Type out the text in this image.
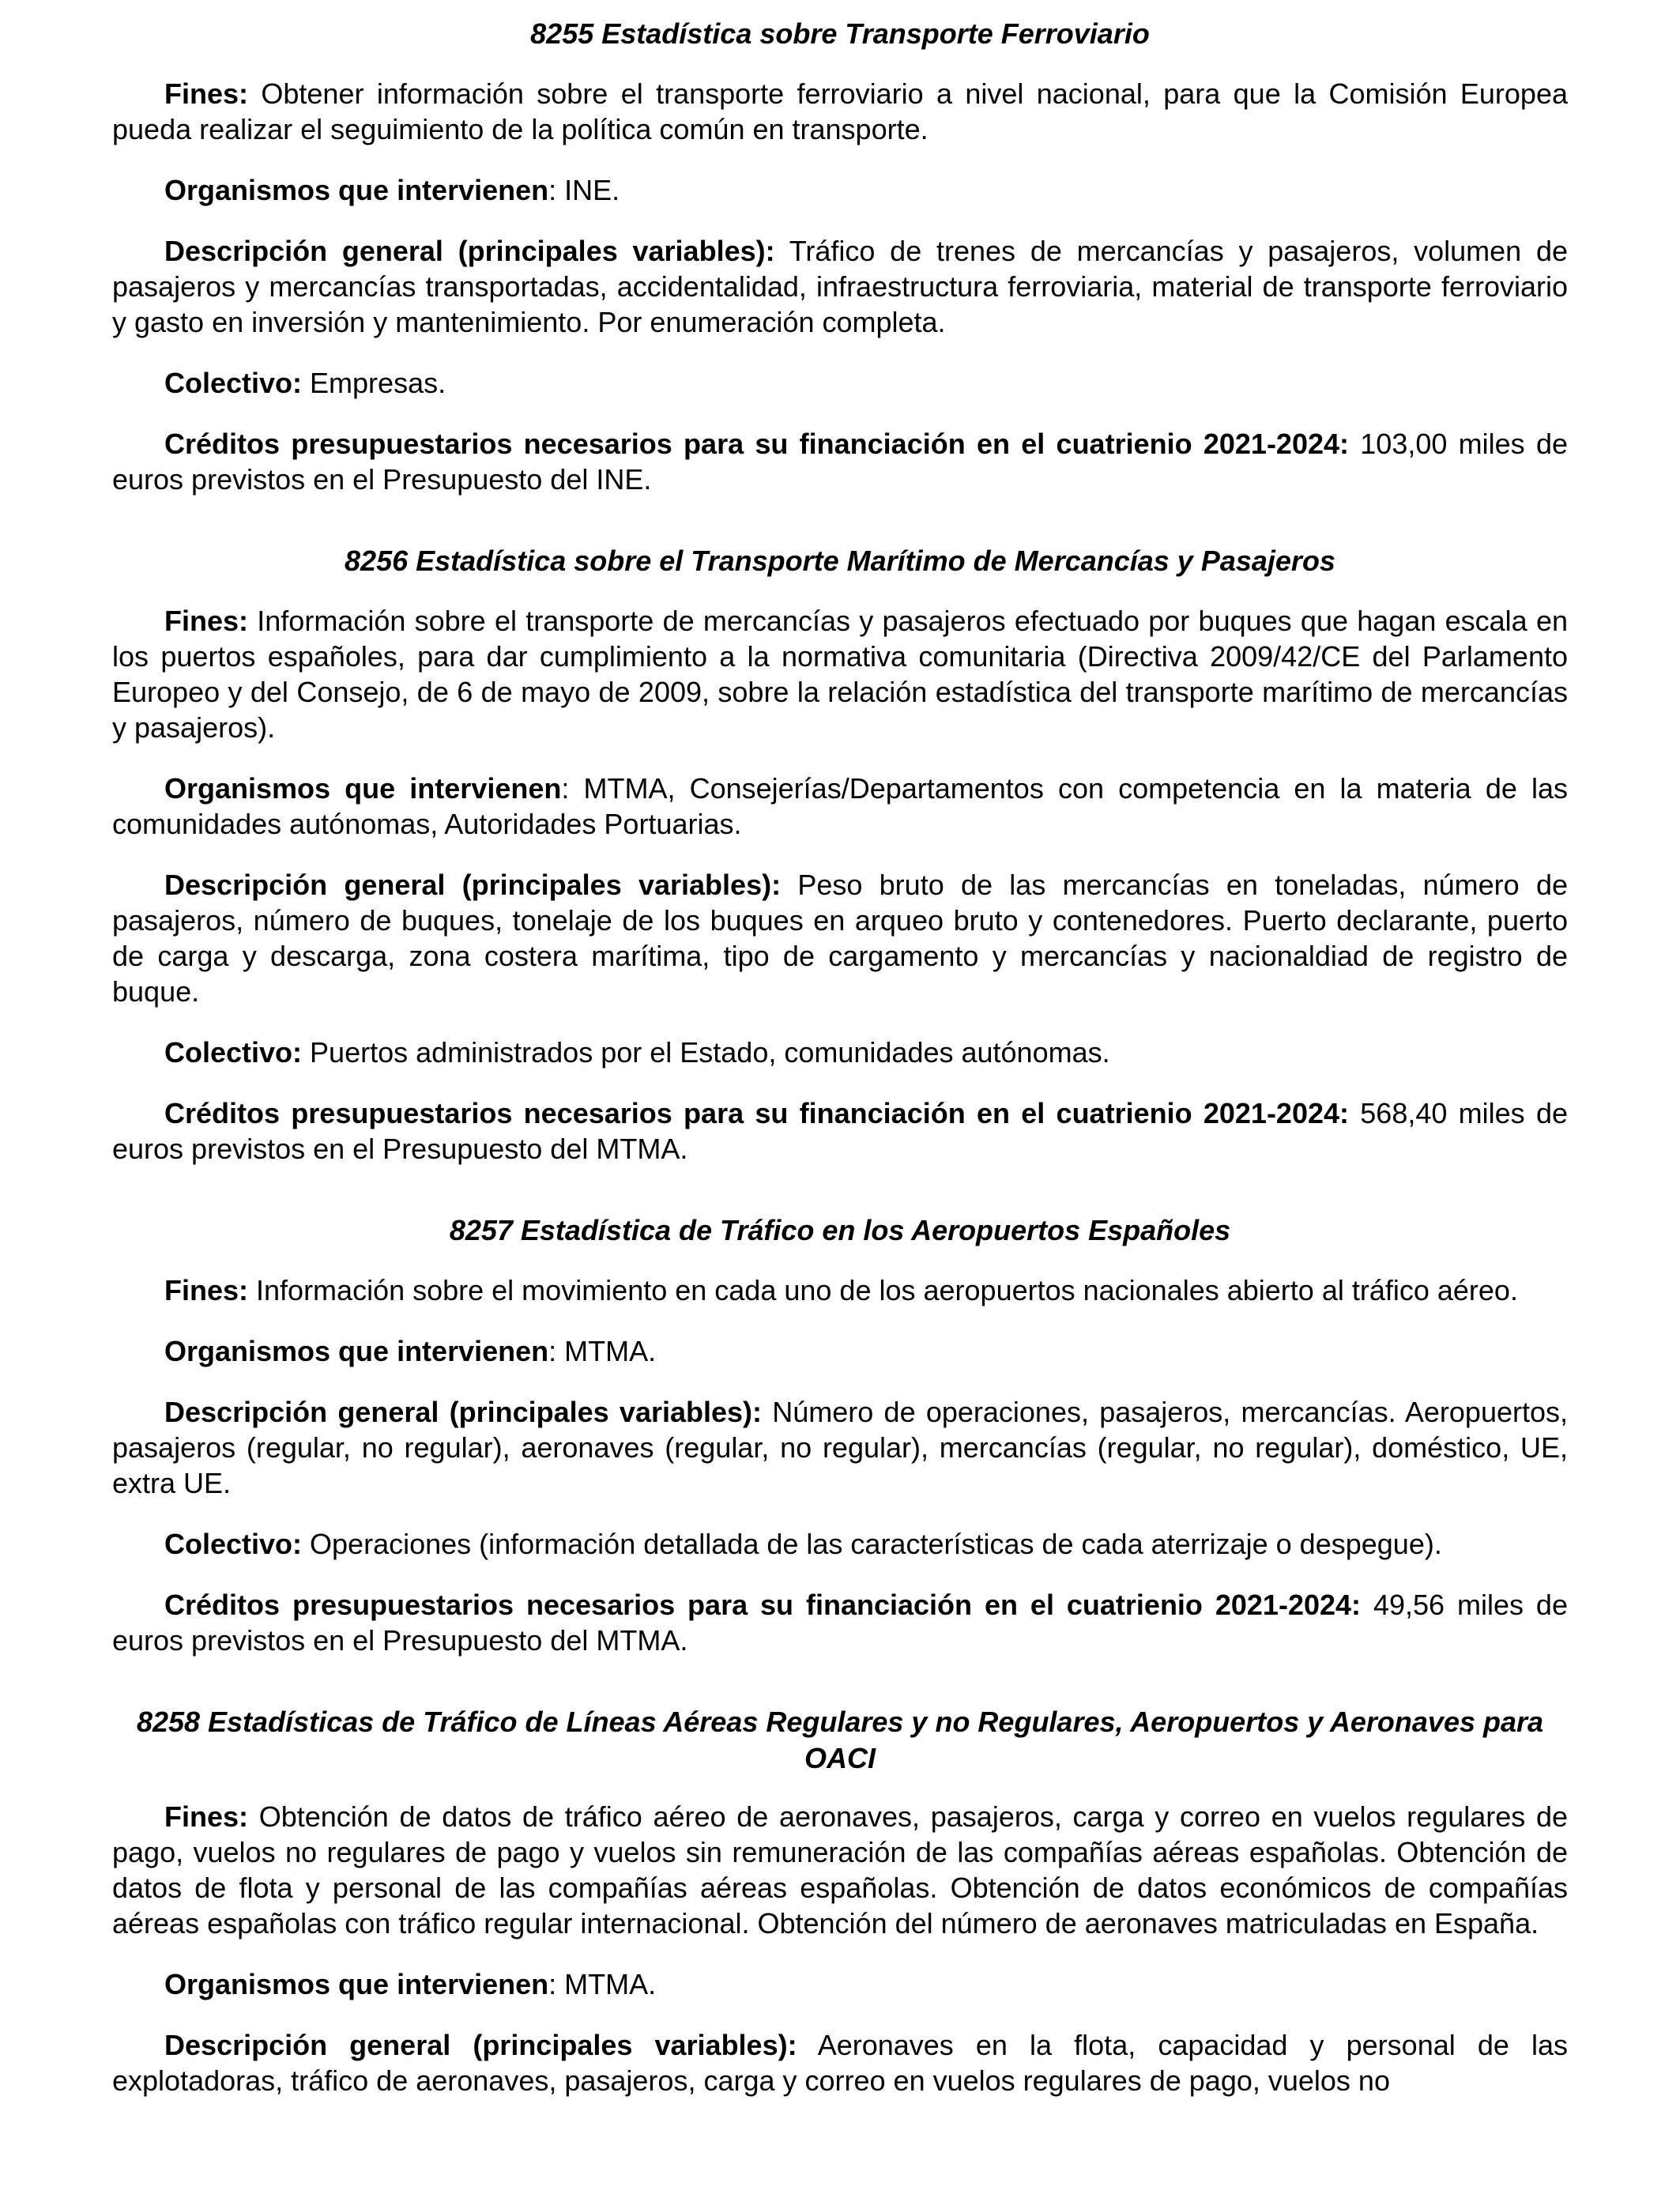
8255 Estadística sobre Transporte Ferroviario

Fines: Obtener información sobre el transporte ferroviario a nivel nacional, para que la Comisión Europea pueda realizar el seguimiento de la política común en transporte.

Organismos que intervienen: INE.

Descripción general (principales variables): Tráfico de trenes de mercancías y pasajeros, volumen de pasajeros y mercancías transportadas, accidentalidad, infraestructura ferroviaria, material de transporte ferroviario y gasto en inversión y mantenimiento. Por enumeración completa.

Colectivo: Empresas.

Créditos presupuestarios necesarios para su financiación en el cuatrienio 2021-2024: 103,00 miles de euros previstos en el Presupuesto del INE.

8256 Estadística sobre el Transporte Marítimo de Mercancías y Pasajeros

Fines: Información sobre el transporte de mercancías y pasajeros efectuado por buques que hagan escala en los puertos españoles, para dar cumplimiento a la normativa comunitaria (Directiva 2009/42/CE del Parlamento Europeo y del Consejo, de 6 de mayo de 2009, sobre la relación estadística del transporte marítimo de mercancías y pasajeros).

Organismos que intervienen: MTMA, Consejerías/Departamentos con competencia en la materia de las comunidades autónomas, Autoridades Portuarias.

Descripción general (principales variables): Peso bruto de las mercancías en toneladas, número de pasajeros, número de buques, tonelaje de los buques en arqueo bruto y contenedores. Puerto declarante, puerto de carga y descarga, zona costera marítima, tipo de cargamento y mercancías y nacionaldiad de registro de buque.

Colectivo: Puertos administrados por el Estado, comunidades autónomas.

Créditos presupuestarios necesarios para su financiación en el cuatrienio 2021-2024: 568,40 miles de euros previstos en el Presupuesto del MTMA.

8257 Estadística de Tráfico en los Aeropuertos Españoles

Fines: Información sobre el movimiento en cada uno de los aeropuertos nacionales abierto al tráfico aéreo.

Organismos que intervienen: MTMA.

Descripción general (principales variables): Número de operaciones, pasajeros, mercancías. Aeropuertos, pasajeros (regular, no regular), aeronaves (regular, no regular), mercancías (regular, no regular), doméstico, UE, extra UE.

Colectivo: Operaciones (información detallada de las características de cada aterrizaje o despegue).

Créditos presupuestarios necesarios para su financiación en el cuatrienio 2021-2024: 49,56 miles de euros previstos en el Presupuesto del MTMA.

8258 Estadísticas de Tráfico de Líneas Aéreas Regulares y no Regulares, Aeropuertos y Aeronaves para OACI

Fines: Obtención de datos de tráfico aéreo de aeronaves, pasajeros, carga y correo en vuelos regulares de pago, vuelos no regulares de pago y vuelos sin remuneración de las compañías aéreas españolas. Obtención de datos de flota y personal de las compañías aéreas españolas. Obtención de datos económicos de compañías aéreas españolas con tráfico regular internacional. Obtención del número de aeronaves matriculadas en España.

Organismos que intervienen: MTMA.

Descripción general (principales variables): Aeronaves en la flota, capacidad y personal de las explotadoras, tráfico de aeronaves, pasajeros, carga y correo en vuelos regulares de pago, vuelos no
